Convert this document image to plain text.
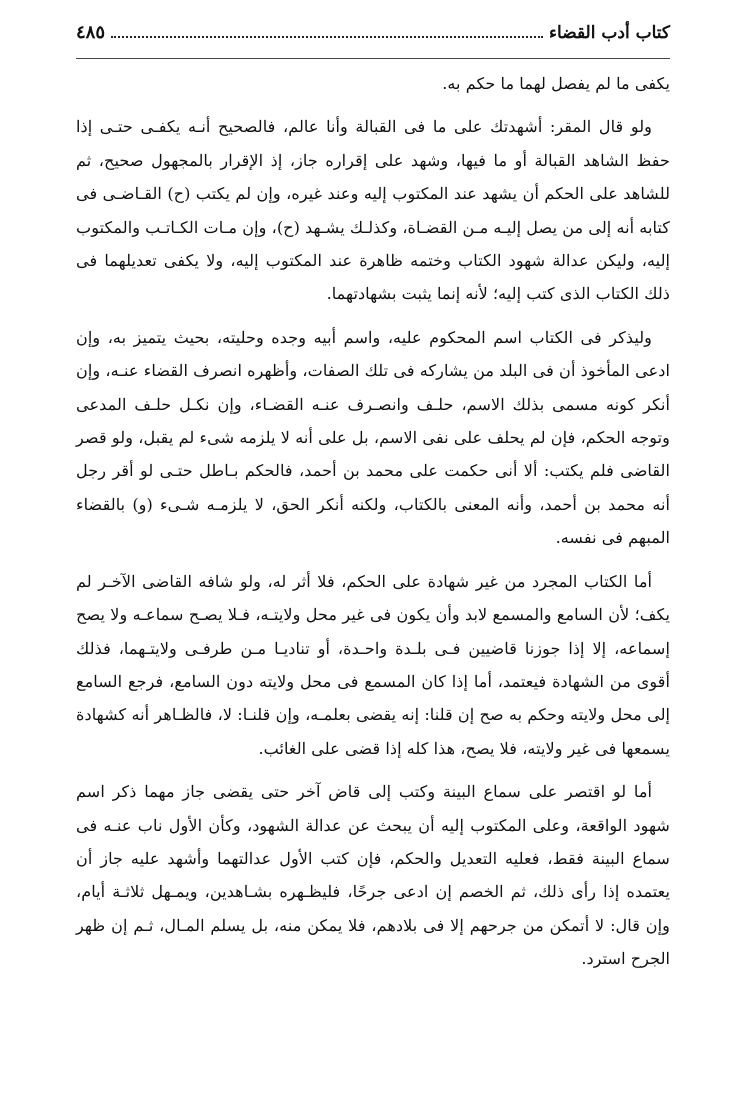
كتاب أدب القضاء
٤٨٥

يكفى ما لم يفصل لهما ما حكم به.

ولو قال المقر: أشهدتك على ما فى القبالة وأنا عالم، فالصحيح أنـه يكفـى حتـى إذا حفظ الشاهد القبالة أو ما فيها، وشهد على إقراره جاز، إذ الإقرار بالمجهول صحيح، ثم للشاهد على الحكم أن يشهد عند المكتوب إليه وعند غيره، وإن لم يكتب (ح) القـاضـى فى كتابه أنه إلى من يصل إليـه مـن القضـاة، وكذلـك يشـهد (ح)، وإن مـات الكـاتـب والمكتوب إليه، وليكن عدالة شهود الكتاب وختمه ظاهرة عند المكتوب إليه، ولا يكفى تعديلهما فى ذلك الكتاب الذى كتب إليه؛ لأنه إنما يثبت بشهادتهما.

وليذكر فى الكتاب اسم المحكوم عليه، واسم أبيه وجده وحليته، بحيث يتميز به، وإن ادعى المأخوذ أن فى البلد من يشاركه فى تلك الصفات، وأظهره انصرف القضاء عنـه، وإن أنكر كونه مسمى بذلك الاسم، حلـف وانصـرف عنـه القضـاء، وإن نكـل حلـف المدعى وتوجه الحكم، فإن لم يحلف على نفى الاسم، بل على أنه لا يلزمه شىء لم يقبل، ولو قصر القاضى فلم يكتب: ألا أنى حكمت على محمد بن أحمد، فالحكم بـاطل حتـى لو أقر رجل أنه محمد بن أحمد، وأنه المعنى بالكتاب، ولكنه أنكر الحق، لا يلزمـه شـىء (و) بالقضاء المبهم فى نفسه.

أما الكتاب المجرد من غير شهادة على الحكم، فلا أثر له، ولو شافه القاضى الآخـر لم يكف؛ لأن السامع والمسمع لابد وأن يكون فى غير محل ولايتـه، فـلا يصـح سماعـه ولا يصح إسماعه، إلا إذا جوزنا قاضيين فـى بلـدة واحـدة، أو تناديـا مـن طرفـى ولايتـهما، فذلك أقوى من الشهادة فيعتمد، أما إذا كان المسمع فى محل ولايته دون السامع، فرجع السامع إلى محل ولايته وحكم به صح إن قلنا: إنه يقضى بعلمـه، وإن قلنـا: لا، فالظـاهر أنه كشهادة يسمعها فى غير ولايته، فلا يصح، هذا كله إذا قضى على الغائب.

أما لو اقتصر على سماع البينة وكتب إلى قاض آخر حتى يقضى جاز مهما ذكر اسم شهود الواقعة، وعلى المكتوب إليه أن يبحث عن عدالة الشهود، وكأن الأول ناب عنـه فى سماع البينة فقط، فعليه التعديل والحكم، فإن كتب الأول عدالتهما وأشهد عليه جاز أن يعتمده إذا رأى ذلك، ثم الخصم إن ادعى جرحًا، فليظـهره بشـاهدين، ويمـهل ثلاثـة أيام، وإن قال: لا أتمكن من جرحهم إلا فى بلادهم، فلا يمكن منه، بل يسلم المـال، ثـم إن ظهر الجرح استرد.
